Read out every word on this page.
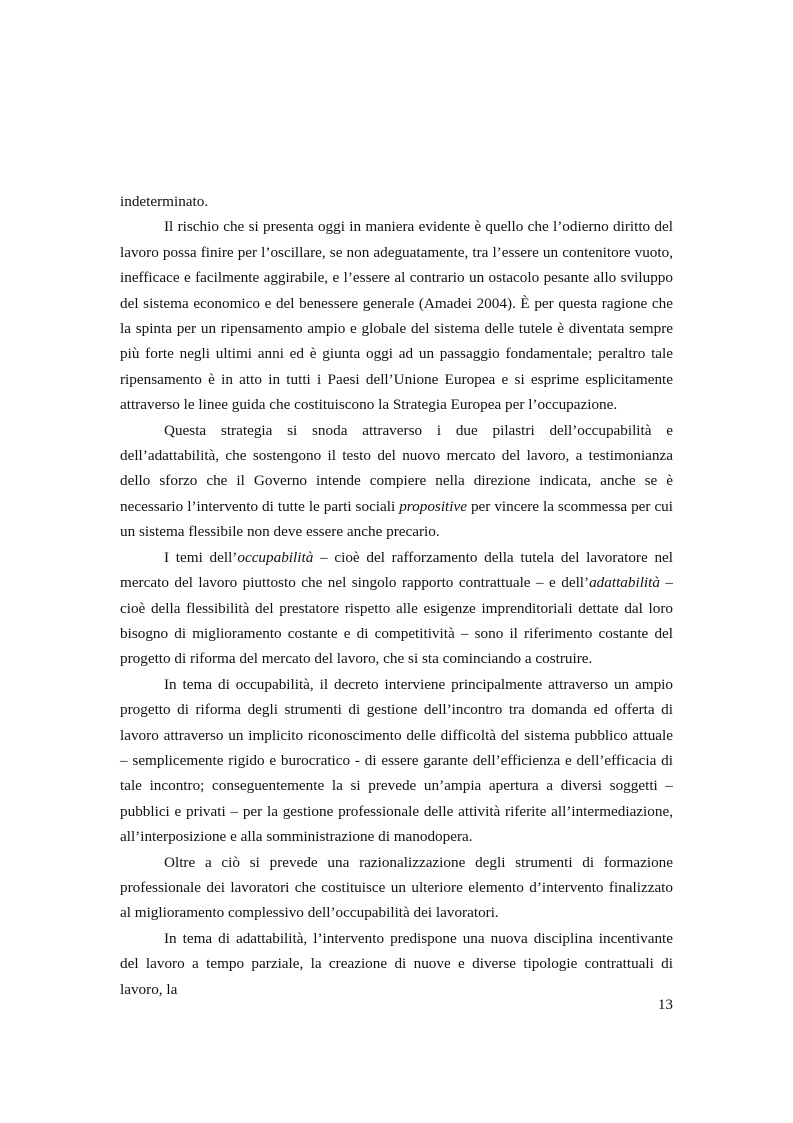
indeterminato.

Il rischio che si presenta oggi in maniera evidente è quello che l’odierno diritto del lavoro possa finire per l’oscillare, se non adeguatamente, tra l’essere un contenitore vuoto, inefficace e facilmente aggirabile, e l’essere al contrario un ostacolo pesante allo sviluppo del sistema economico e del benessere generale (Amadei 2004). È per questa ragione che la spinta per un ripensamento ampio e globale del sistema delle tutele è diventata sempre più forte negli ultimi anni ed è giunta oggi ad un passaggio fondamentale; peraltro tale ripensamento è in atto in tutti i Paesi dell’Unione Europea e si esprime esplicitamente attraverso le linee guida che costituiscono la Strategia Europea per l’occupazione.

Questa strategia si snoda attraverso i due pilastri dell’occupabilità e dell’adattabilità, che sostengono il testo del nuovo mercato del lavoro, a testimonianza dello sforzo che il Governo intende compiere nella direzione indicata, anche se è necessario l’intervento di tutte le parti sociali propositive per vincere la scommessa per cui un sistema flessibile non deve essere anche precario.

I temi dell’occupabilità – cioè del rafforzamento della tutela del lavoratore nel mercato del lavoro piuttosto che nel singolo rapporto contrattuale – e dell’adattabilità – cioè della flessibilità del prestatore rispetto alle esigenze imprenditoriali dettate dal loro bisogno di miglioramento costante e di competitività – sono il riferimento costante del progetto di riforma del mercato del lavoro, che si sta cominciando a costruire.

In tema di occupabilità, il decreto interviene principalmente attraverso un ampio progetto di riforma degli strumenti di gestione dell’incontro tra domanda ed offerta di lavoro attraverso un implicito riconoscimento delle difficoltà del sistema pubblico attuale – semplicemente rigido e burocratico - di essere garante dell’efficienza e dell’efficacia di tale incontro; conseguentemente la si prevede un’ampia apertura a diversi soggetti – pubblici e privati – per la gestione professionale delle attività riferite all’intermediazione, all’interposizione e alla somministrazione di manodopera.

Oltre a ciò si prevede una razionalizzazione degli strumenti di formazione professionale dei lavoratori che costituisce un ulteriore elemento d’intervento finalizzato al miglioramento complessivo dell’occupabilità dei lavoratori.

In tema di adattabilità, l’intervento predispone una nuova disciplina incentivante del lavoro a tempo parziale, la creazione di nuove e diverse tipologie contrattuali di lavoro, la

13
